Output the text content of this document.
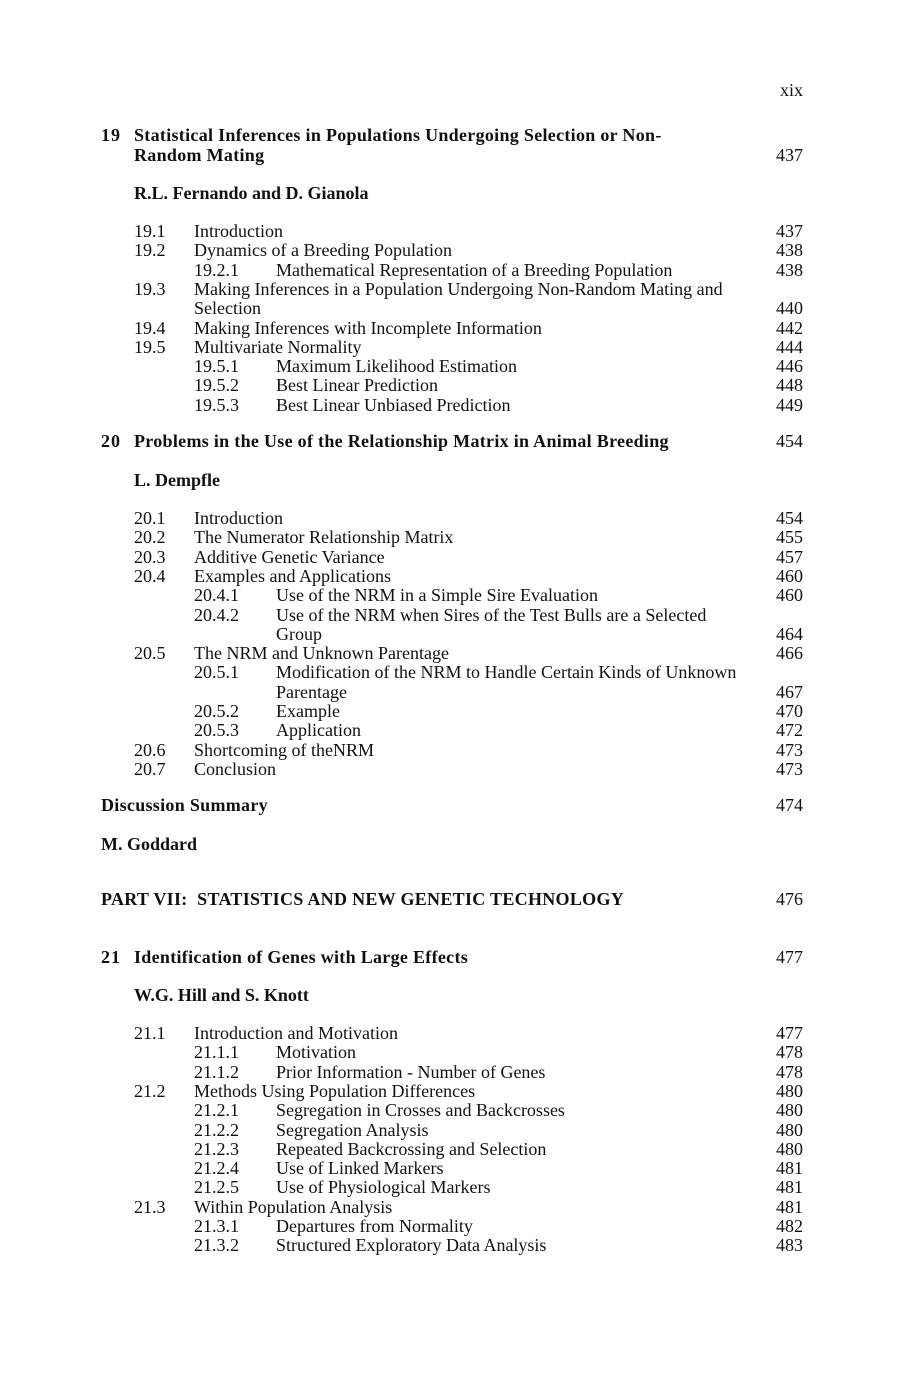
xix
19 Statistical Inferences in Populations Undergoing Selection or Non-
Random Mating	437
R.L. Fernando and D. Gianola
19.1 Introduction	437
19.2 Dynamics of a Breeding Population	438
19.2.1 Mathematical Representation of a Breeding Population	438
19.3 Making Inferences in a Population Undergoing Non-Random Mating and
Selection	440
19.4 Making Inferences with Incomplete Information	442
19.5 Multivariate Normality	444
19.5.1 Maximum Likelihood Estimation	446
19.5.2 Best Linear Prediction	448
19.5.3 Best Linear Unbiased Prediction	449
20 Problems in the Use of the Relationship Matrix in Animal Breeding	454
L. Dempfle
20.1 Introduction	454
20.2 The Numerator Relationship Matrix	455
20.3 Additive Genetic Variance	457
20.4 Examples and Applications	460
20.4.1 Use of the NRM in a Simple Sire Evaluation	460
20.4.2 Use of the NRM when Sires of the Test Bulls are a Selected
Group	464
20.5 The NRM and Unknown Parentage	466
20.5.1 Modification of the NRM to Handle Certain Kinds of Unknown
Parentage	467
20.5.2 Example	470
20.5.3 Application	472
20.6 Shortcoming of theNRM	473
20.7 Conclusion	473
Discussion Summary	474
M. Goddard
PART VII:  STATISTICS AND NEW GENETIC TECHNOLOGY	476
21 Identification of Genes with Large Effects	477
W.G. Hill and S. Knott
21.1 Introduction and Motivation	477
21.1.1 Motivation	478
21.1.2 Prior Information - Number of Genes	478
21.2 Methods Using Population Differences	480
21.2.1 Segregation in Crosses and Backcrosses	480
21.2.2 Segregation Analysis	480
21.2.3 Repeated Backcrossing and Selection	480
21.2.4 Use of Linked Markers	481
21.2.5 Use of Physiological Markers	481
21.3 Within Population Analysis	481
21.3.1 Departures from Normality	482
21.3.2 Structured Exploratory Data Analysis	483
